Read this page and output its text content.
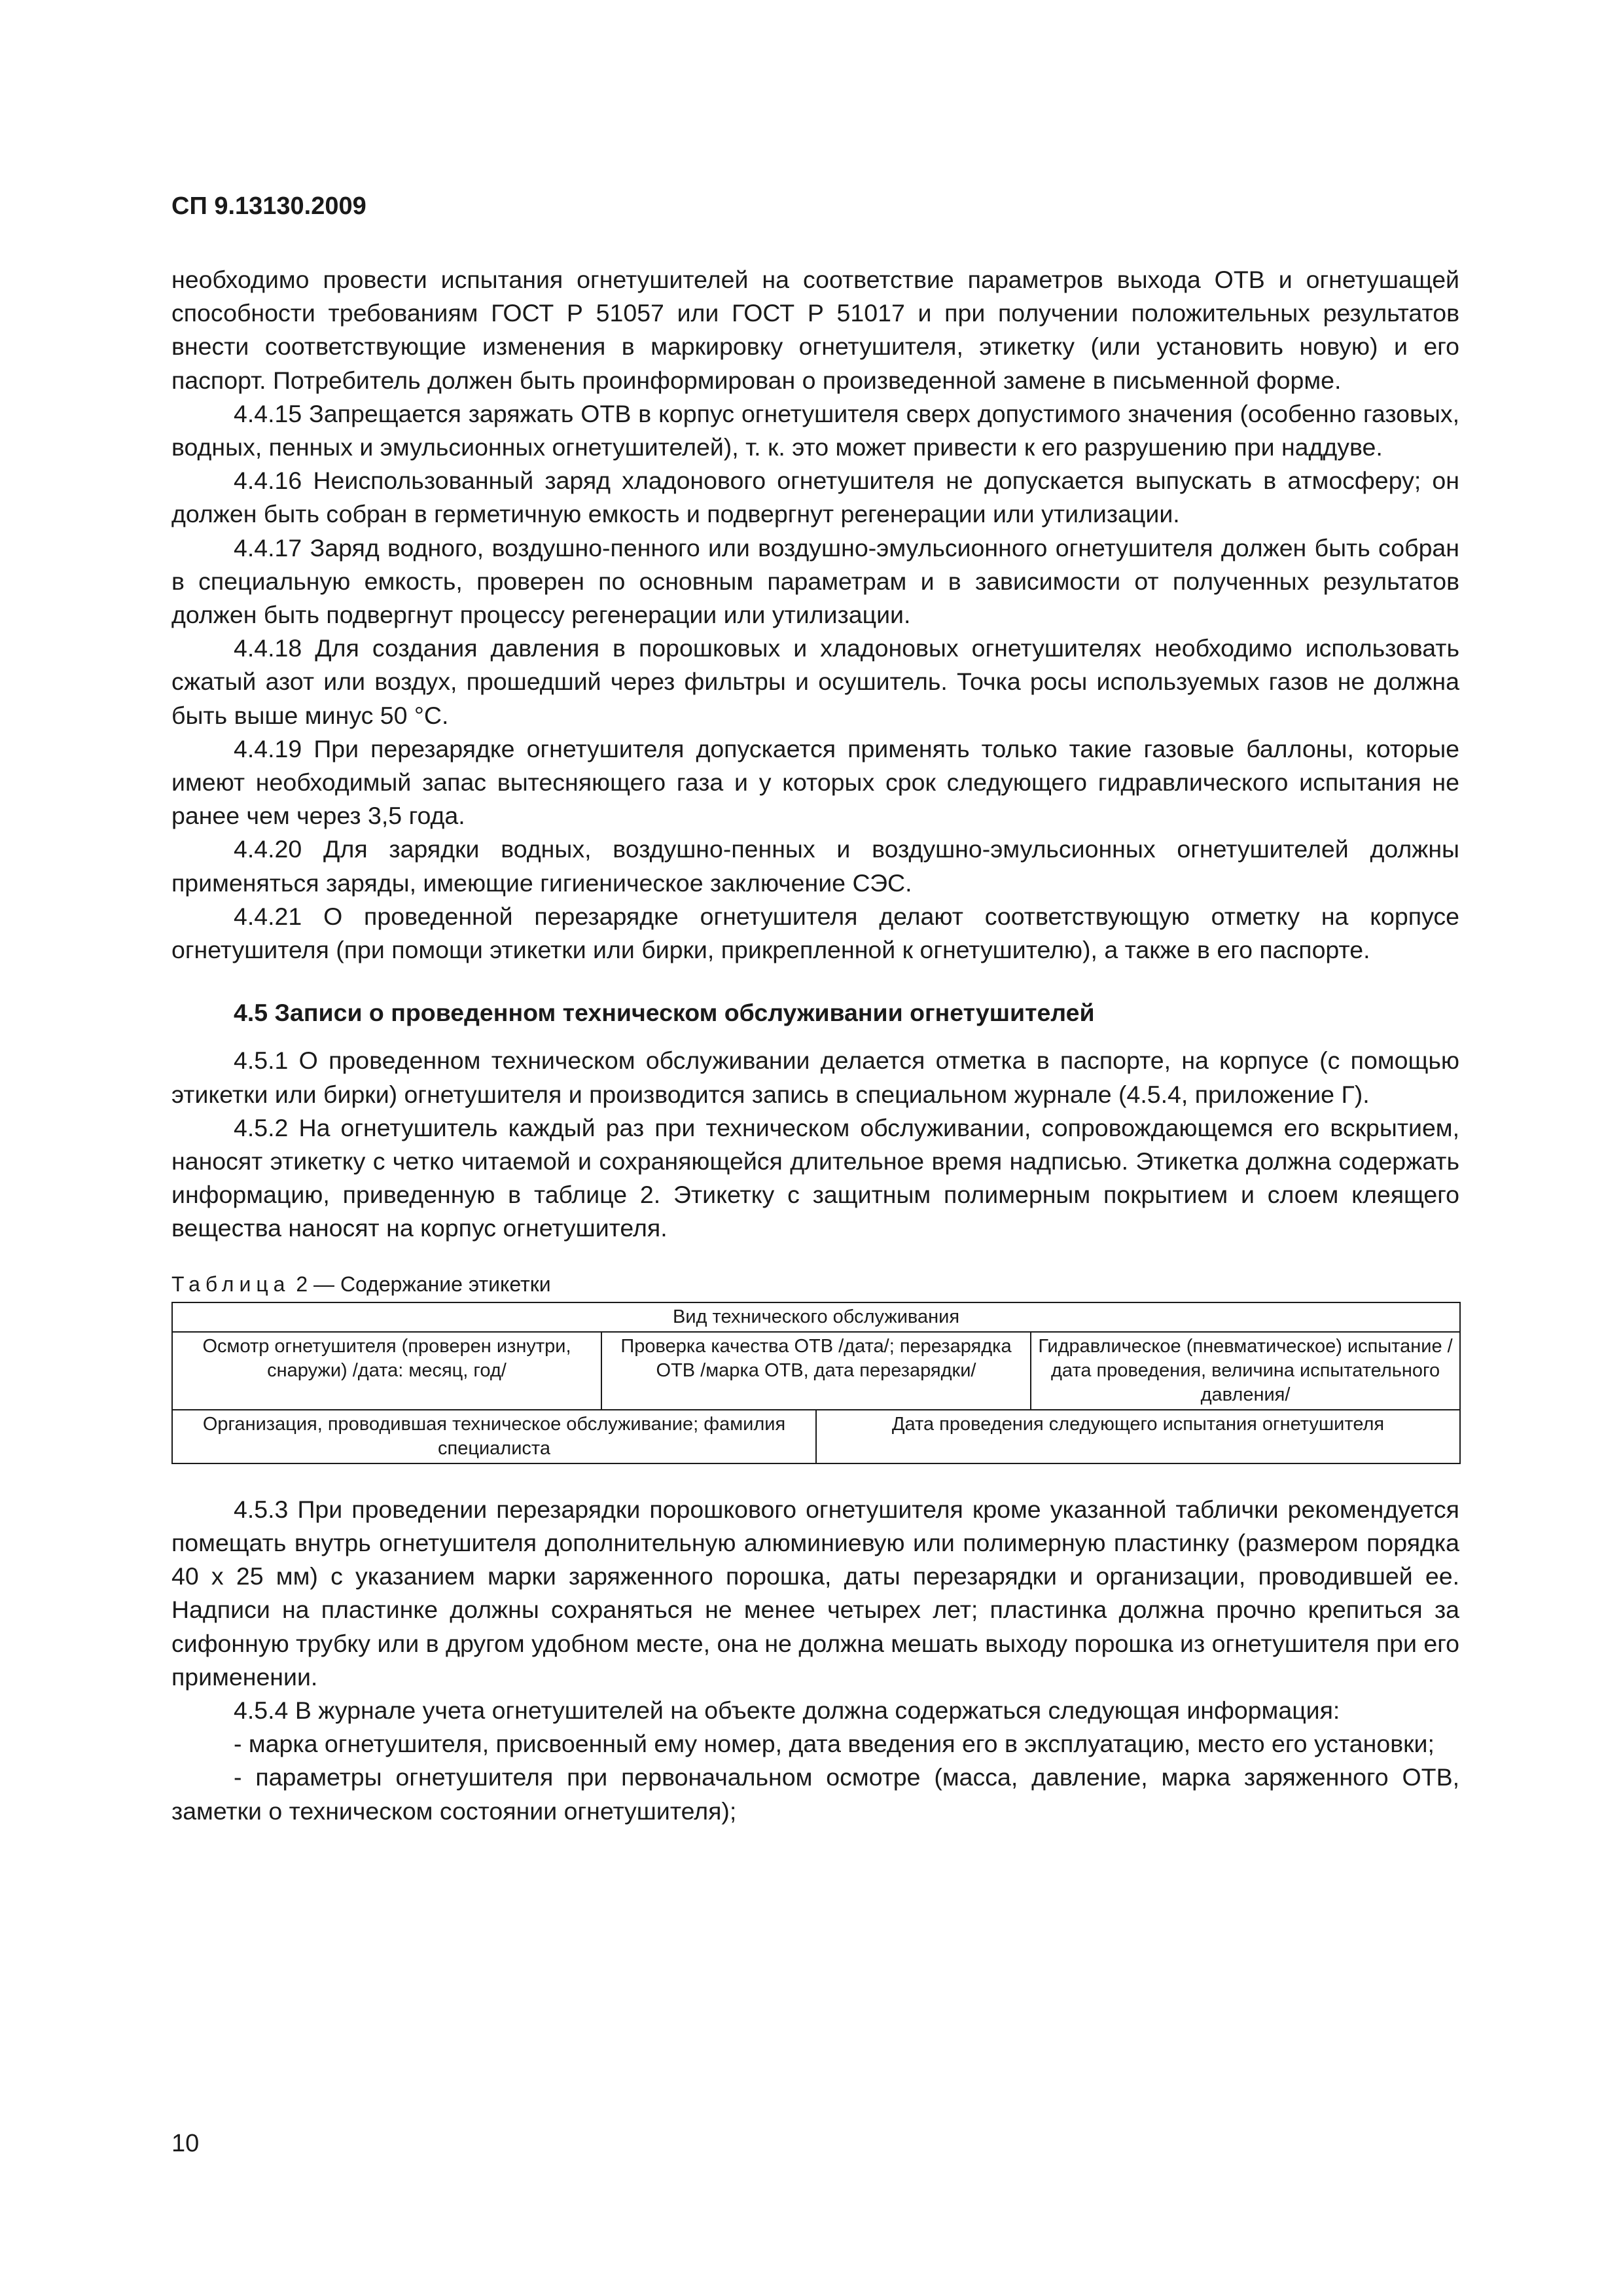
СП 9.13130.2009

необходимо провести испытания огнетушителей на соответствие параметров выхода ОТВ и огнетушащей способности требованиям ГОСТ Р 51057 или ГОСТ Р 51017 и при получении положительных результатов внести соответствующие изменения в маркировку огнетушителя, этикетку (или установить новую) и его паспорт. Потребитель должен быть проинформирован о произведенной замене в письменной форме.

4.4.15 Запрещается заряжать ОТВ в корпус огнетушителя сверх допустимого значения (особенно газовых, водных, пенных и эмульсионных огнетушителей), т. к. это может привести к его разрушению при наддуве.

4.4.16 Неиспользованный заряд хладонового огнетушителя не допускается выпускать в атмосферу; он должен быть собран в герметичную емкость и подвергнут регенерации или утилизации.

4.4.17 Заряд водного, воздушно-пенного или воздушно-эмульсионного огнетушителя должен быть собран в специальную емкость, проверен по основным параметрам и в зависимости от полученных результатов должен быть подвергнут процессу регенерации или утилизации.

4.4.18 Для создания давления в порошковых и хладоновых огнетушителях необходимо использовать сжатый азот или воздух, прошедший через фильтры и осушитель. Точка росы используемых газов не должна быть выше минус 50 °С.

4.4.19 При перезарядке огнетушителя допускается применять только такие газовые баллоны, которые имеют необходимый запас вытесняющего газа и у которых срок следующего гидравлического испытания не ранее чем через 3,5 года.

4.4.20 Для зарядки водных, воздушно-пенных и воздушно-эмульсионных огнетушителей должны применяться заряды, имеющие гигиеническое заключение СЭС.

4.4.21 О проведенной перезарядке огнетушителя делают соответствующую отметку на корпусе огнетушителя (при помощи этикетки или бирки, прикрепленной к огнетушителю), а также в его паспорте.

4.5 Записи о проведенном техническом обслуживании огнетушителей

4.5.1 О проведенном техническом обслуживании делается отметка в паспорте, на корпусе (с помощью этикетки или бирки) огнетушителя и производится запись в специальном журнале (4.5.4, приложение Г).

4.5.2 На огнетушитель каждый раз при техническом обслуживании, сопровождающемся его вскрытием, наносят этикетку с четко читаемой и сохраняющейся длительное время надписью. Этикетка должна содержать информацию, приведенную в таблице 2. Этикетку с защитным полимерным покрытием и слоем клеящего вещества наносят на корпус огнетушителя.

Таблица 2 — Содержание этикетки
Вид технического обслуживания			
Осмотр огнетушителя (проверен изнутри, снаружи) /дата: месяц, год/	Проверка качества ОТВ /дата/; перезарядка ОТВ /марка ОТВ, дата перезарядки/		Гидравлическое (пневматическое) испытание /дата проведения, величина испытательного давления/
Организация, проводившая техническое обслуживание; фамилия специалиста		Дата проведения следующего испытания огнетушителя	

4.5.3 При проведении перезарядки порошкового огнетушителя кроме указанной таблички рекомендуется помещать внутрь огнетушителя дополнительную алюминиевую или полимерную пластинку (размером порядка 40 х 25 мм) с указанием марки заряженного порошка, даты перезарядки и организации, проводившей ее. Надписи на пластинке должны сохраняться не менее четырех лет; пластинка должна прочно крепиться за сифонную трубку или в другом удобном месте, она не должна мешать выходу порошка из огнетушителя при его применении.

4.5.4 В журнале учета огнетушителей на объекте должна содержаться следующая информация:

- марка огнетушителя, присвоенный ему номер, дата введения его в эксплуатацию, место его установки;

- параметры огнетушителя при первоначальном осмотре (масса, давление, марка заряженного ОТВ, заметки о техническом состоянии огнетушителя);

10
